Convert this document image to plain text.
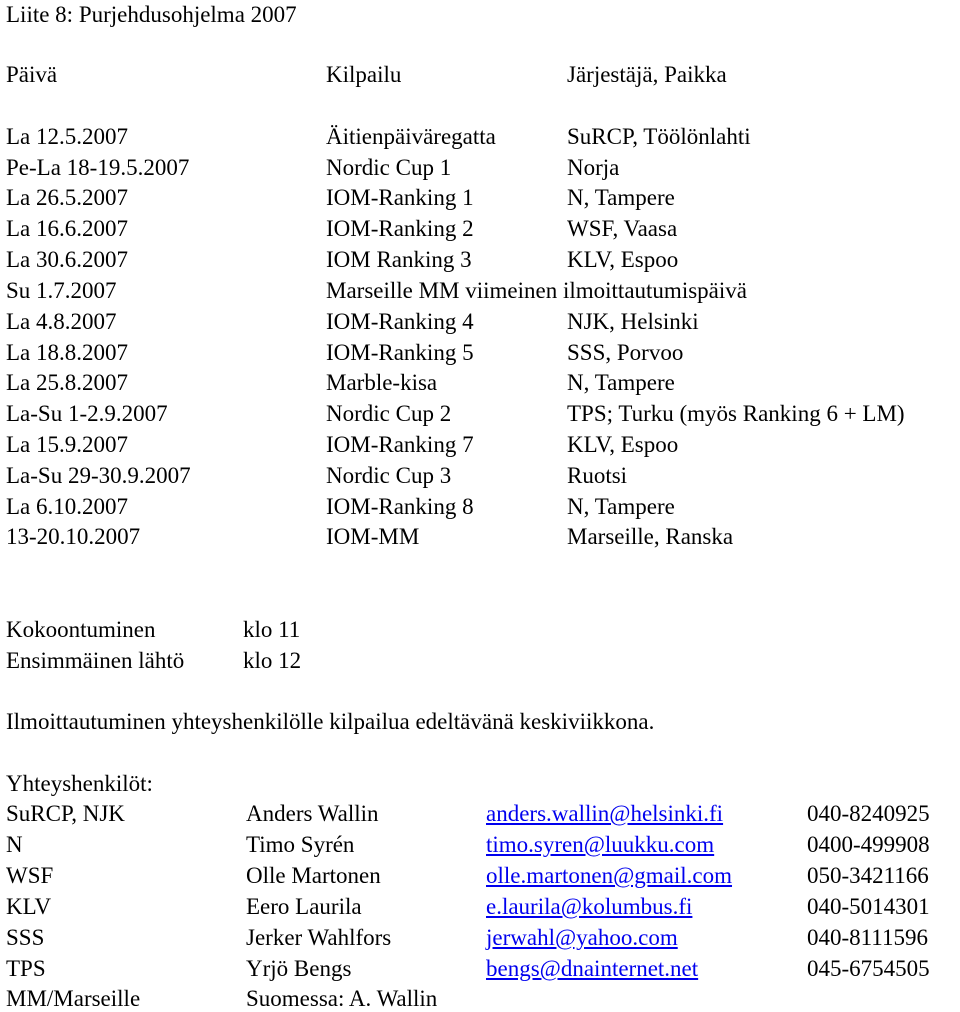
Liite 8: Purjehdusohjelma 2007
Päivä	Kilpailu	Järjestäjä, Paikka
La 12.5.2007	Äitienpäiväregatta	SuRCP, Töölönlahti
Pe-La 18-19.5.2007	Nordic Cup 1	Norja
La 26.5.2007	IOM-Ranking 1	N, Tampere
La 16.6.2007	IOM-Ranking 2	WSF, Vaasa
La 30.6.2007	IOM Ranking 3	KLV, Espoo
Su 1.7.2007	Marseille MM viimeinen ilmoittautumispäivä
La 4.8.2007	IOM-Ranking 4	NJK, Helsinki
La 18.8.2007	IOM-Ranking 5	SSS, Porvoo
La 25.8.2007	Marble-kisa	N, Tampere
La-Su 1-2.9.2007	Nordic Cup 2	TPS; Turku (myös Ranking 6 + LM)
La 15.9.2007	IOM-Ranking 7	KLV, Espoo
La-Su 29-30.9.2007	Nordic Cup 3	Ruotsi
La 6.10.2007	IOM-Ranking 8	N, Tampere
13-20.10.2007	IOM-MM	Marseille, Ranska
Kokoontuminen	klo 11
Ensimmäinen lähtö	klo 12
Ilmoittautuminen yhteyshenkilölle kilpailua edeltävänä keskiviikkona.
Yhteyshenkilöt:
SuRCP, NJK	Anders Wallin	anders.wallin@helsinki.fi	040-8240925
N	Timo Syrén	timo.syren@luukku.com	0400-499908
WSF	Olle Martonen	olle.martonen@gmail.com	050-3421166
KLV	Eero Laurila	e.laurila@kolumbus.fi	040-5014301
SSS	Jerker Wahlfors	jerwahl@yahoo.com	040-8111596
TPS	Yrjö Bengs	bengs@dnainternet.net	045-6754505
MM/Marseille	Suomessa: A. Wallin
